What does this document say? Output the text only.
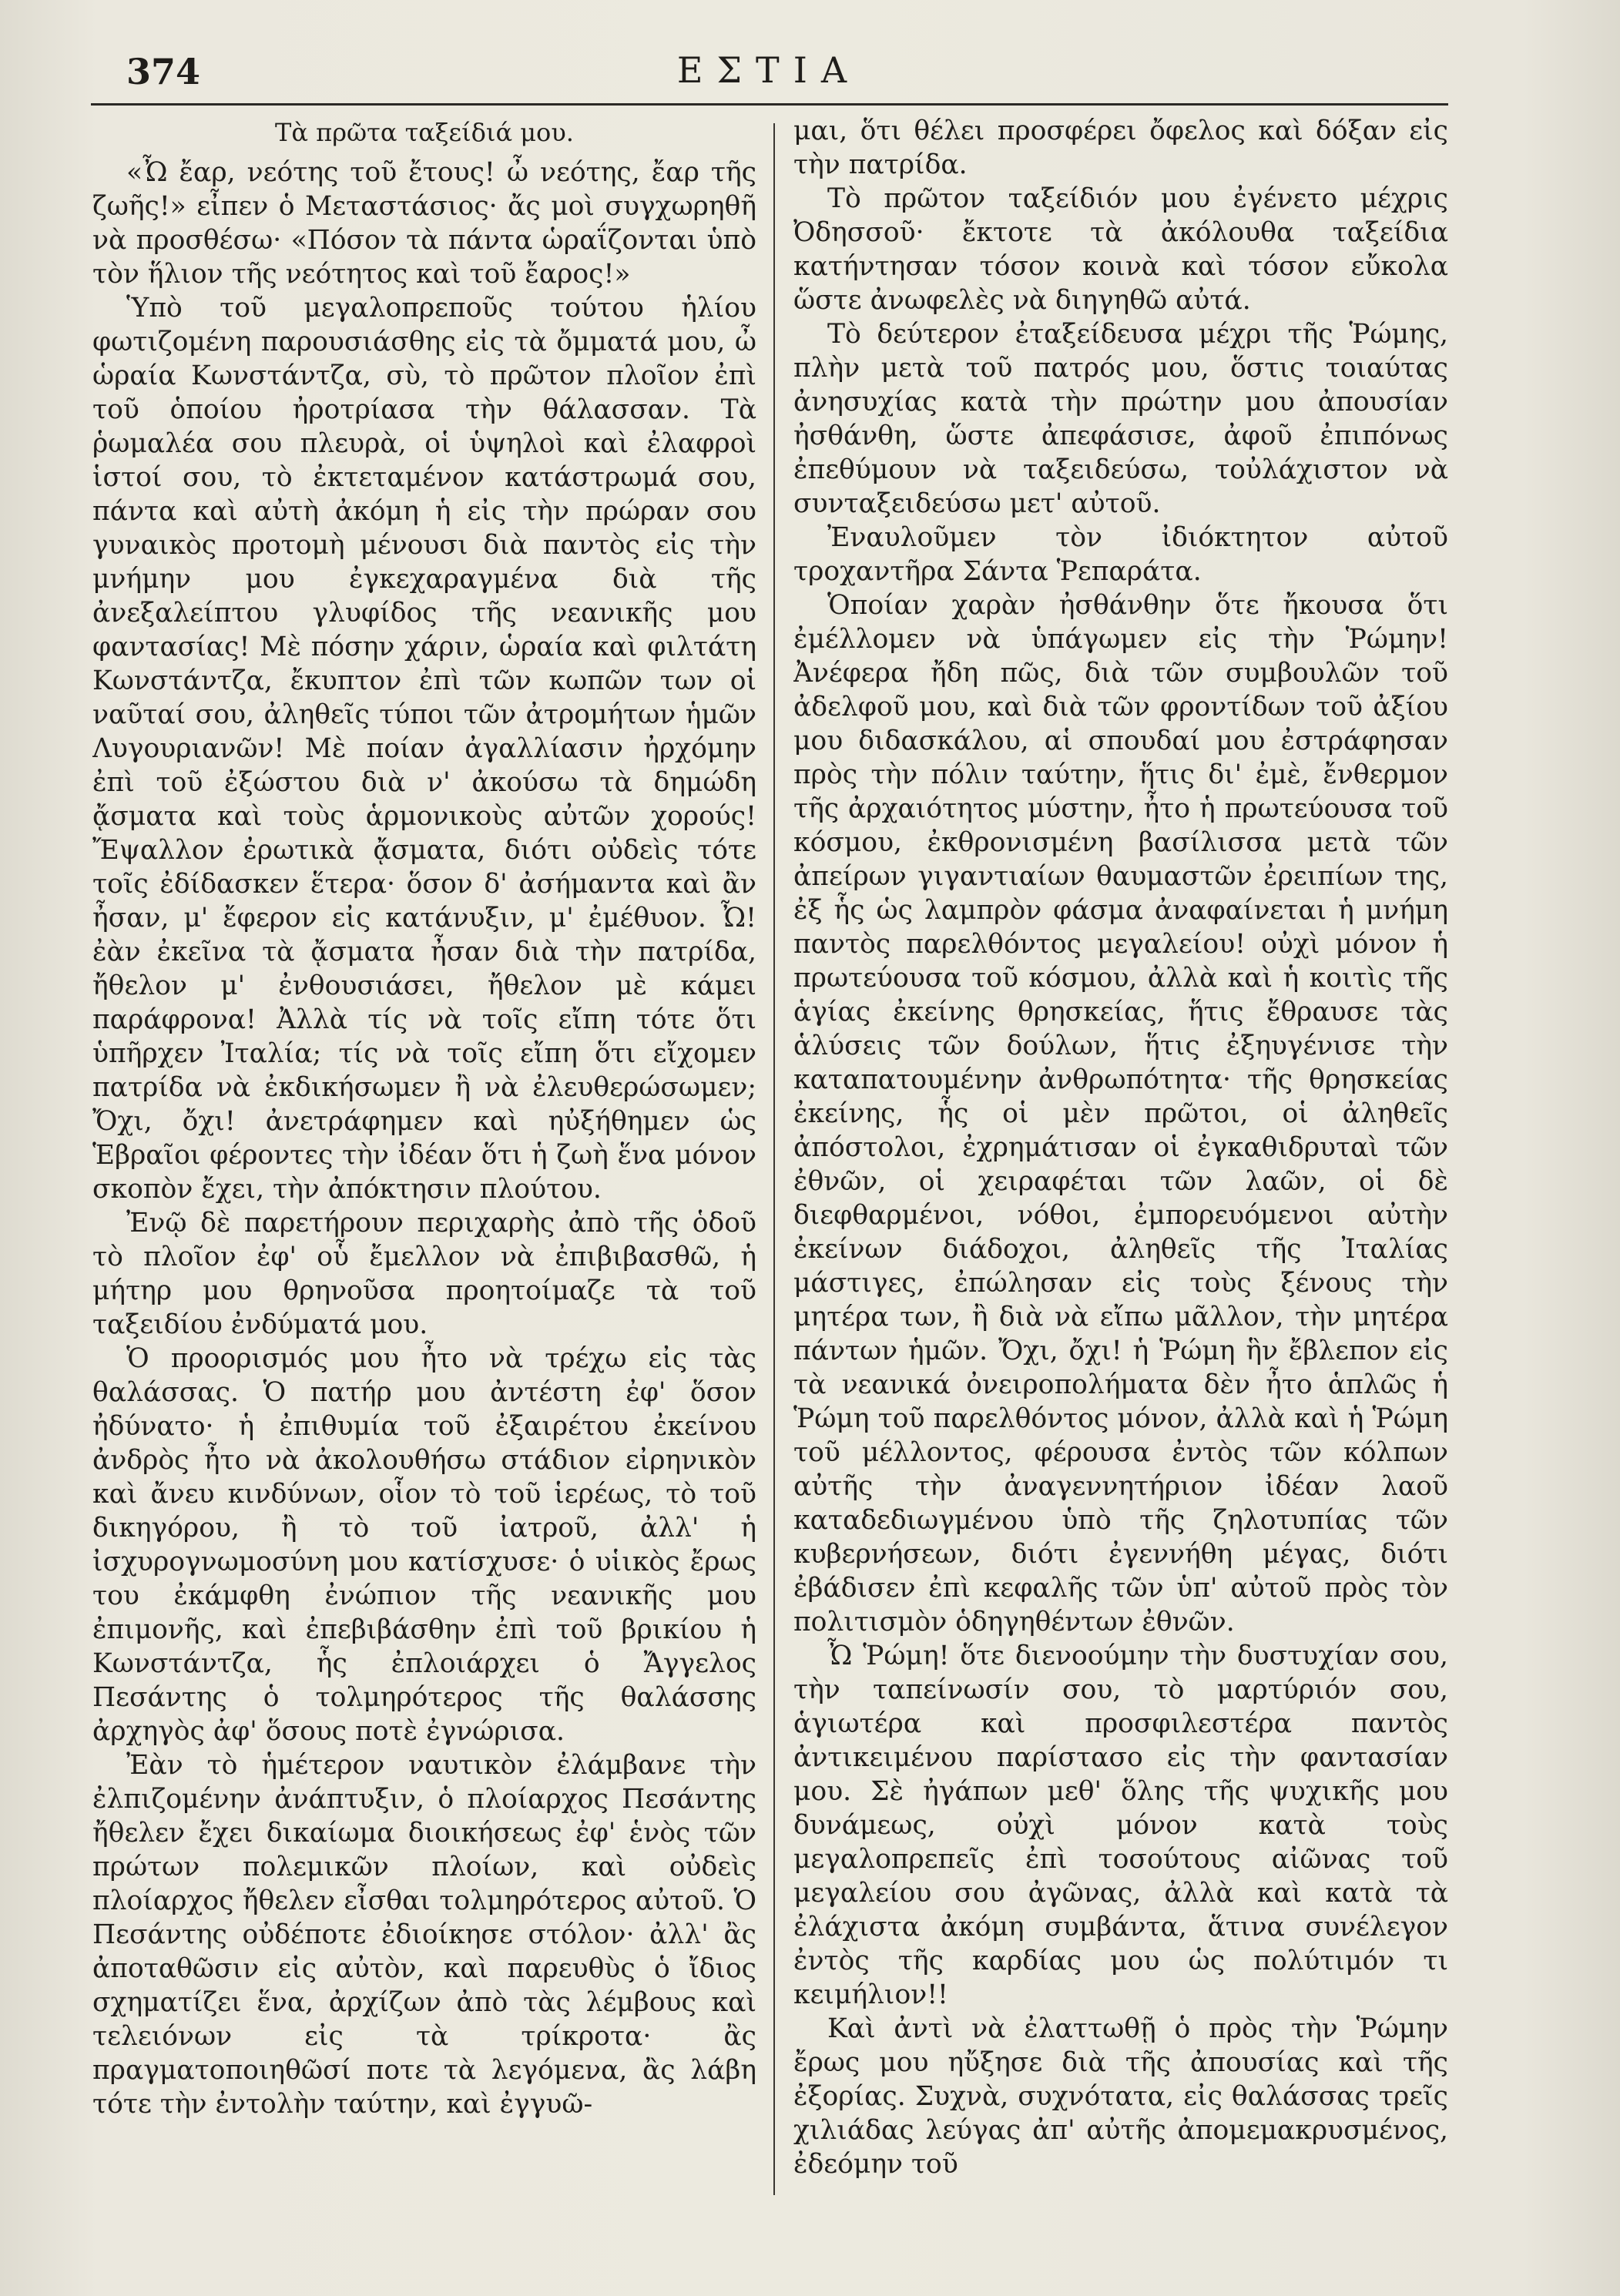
374	ΕΣΤΙΑ
Τὰ πρῶτα ταξείδιά μου.

«Ὦ ἔαρ, νεότης τοῦ ἔτους! ὦ νεότης, ἔαρ τῆς ζωῆς!» εἶπεν ὁ Μεταστάσιος· ἄς μοὶ συγχωρηθῆ νὰ προσθέσω· «Πόσον τὰ πάντα ὡραΐζονται ὑπὸ τὸν ἥλιον τῆς νεότητος καὶ τοῦ ἔαρος!»

Ὑπὸ τοῦ μεγαλοπρεποῦς τούτου ἡλίου φωτιζομένη παρουσιάσθης εἰς τὰ ὄμματά μου, ὦ ὡραία Κωνστάντζα, σὺ, τὸ πρῶτον πλοῖον ἐπὶ τοῦ ὁποίου ἠροτρίασα τὴν θάλασσαν. Τὰ ῥωμαλέα σου πλευρὰ, οἱ ὑψηλοὶ καὶ ἐλαφροὶ ἱστοί σου, τὸ ἐκτεταμένον κατάστρωμά σου, πάντα καὶ αὐτὴ ἀκόμη ἡ εἰς τὴν πρώραν σου γυναικὸς προτομὴ μένουσι διὰ παντὸς εἰς τὴν μνήμην μου ἐγκεχαραγμένα διὰ τῆς ἀνεξαλείπτου γλυφίδος τῆς νεανικῆς μου φαντασίας! Μὲ πόσην χάριν, ὡραία καὶ φιλτάτη Κωνστάντζα, ἔκυπτον ἐπὶ τῶν κωπῶν των οἱ ναῦταί σου, ἀληθεῖς τύποι τῶν ἀτρομήτων ἡμῶν Λυγουριανῶν! Μὲ ποίαν ἀγαλλίασιν ἠρχόμην ἐπὶ τοῦ ἐξώστου διὰ ν' ἀκούσω τὰ δημώδη ᾄσματα καὶ τοὺς ἁρμονικοὺς αὐτῶν χορούς! Ἔψαλλον ἐρωτικὰ ᾄσματα, διότι οὐδεὶς τότε τοῖς ἐδίδασκεν ἕτερα· ὅσον δ' ἀσήμαντα καὶ ἂν ἦσαν, μ' ἔφερον εἰς κατάνυξιν, μ' ἐμέθυον. Ὦ! ἐὰν ἐκεῖνα τὰ ᾄσματα ἦσαν διὰ τὴν πατρίδα, ἤθελον μ' ἐνθουσιάσει, ἤθελον μὲ κάμει παράφρονα! Ἀλλὰ τίς νὰ τοῖς εἴπη τότε ὅτι ὑπῆρχεν Ἰταλία; τίς νὰ τοῖς εἴπη ὅτι εἴχομεν πατρίδα νὰ ἐκδικήσωμεν ἢ νὰ ἐλευθερώσωμεν; Ὄχι, ὄχι! ἀνετράφημεν καὶ ηὐξήθημεν ὡς Ἑβραῖοι φέροντες τὴν ἰδέαν ὅτι ἡ ζωὴ ἕνα μόνον σκοπὸν ἔχει, τὴν ἀπόκτησιν πλούτου.

Ἐνῷ δὲ παρετήρουν περιχαρὴς ἀπὸ τῆς ὁδοῦ τὸ πλοῖον ἐφ' οὗ ἔμελλον νὰ ἐπιβιβασθῶ, ἡ μήτηρ μου θρηνοῦσα προητοίμαζε τὰ τοῦ ταξειδίου ἐνδύματά μου.

Ὁ προορισμός μου ἦτο νὰ τρέχω εἰς τὰς θαλάσσας. Ὁ πατήρ μου ἀντέστη ἐφ' ὅσον ἠδύνατο· ἡ ἐπιθυμία τοῦ ἐξαιρέτου ἐκείνου ἀνδρὸς ἦτο νὰ ἀκολουθήσω στάδιον εἰρηνικὸν καὶ ἄνευ κινδύνων, οἷον τὸ τοῦ ἱερέως, τὸ τοῦ δικηγόρου, ἢ τὸ τοῦ ἰατροῦ, ἀλλ' ἡ ἰσχυρογνωμοσύνη μου κατίσχυσε· ὁ υἱικὸς ἔρως του ἐκάμφθη ἐνώπιον τῆς νεανικῆς μου ἐπιμονῆς, καὶ ἐπεβιβάσθην ἐπὶ τοῦ βρικίου ἡ Κωνστάντζα, ἧς ἐπλοιάρχει ὁ Ἄγγελος Πεσάντης ὁ τολμηρότερος τῆς θαλάσσης ἀρχηγὸς ἀφ' ὅσους ποτὲ ἐγνώρισα.

Ἐὰν τὸ ἡμέτερον ναυτικὸν ἐλάμβανε τὴν ἐλπιζομένην ἀνάπτυξιν, ὁ πλοίαρχος Πεσάντης ἤθελεν ἔχει δικαίωμα διοικήσεως ἐφ' ἑνὸς τῶν πρώτων πολεμικῶν πλοίων, καὶ οὐδεὶς πλοίαρχος ἤθελεν εἶσθαι τολμηρότερος αὐτοῦ. Ὁ Πεσάντης οὐδέποτε ἐδιοίκησε στόλον· ἀλλ' ἂς ἀποταθῶσιν εἰς αὐτὸν, καὶ παρευθὺς ὁ ἴδιος σχηματίζει ἕνα, ἀρχίζων ἀπὸ τὰς λέμβους καὶ τελειόνων εἰς τὰ τρίκροτα· ἂς πραγματοποιηθῶσί ποτε τὰ λεγόμενα, ἂς λάβη τότε τὴν ἐντολὴν ταύτην, καὶ ἐγγυῶ-

μαι, ὅτι θέλει προσφέρει ὄφελος καὶ δόξαν εἰς τὴν πατρίδα.

Τὸ πρῶτον ταξείδιόν μου ἐγένετο μέχρις Ὀδησσοῦ· ἔκτοτε τὰ ἀκόλουθα ταξείδια κατήντησαν τόσον κοινὰ καὶ τόσον εὔκολα ὥστε ἀνωφελὲς νὰ διηγηθῶ αὐτά.

Τὸ δεύτερον ἐταξείδευσα μέχρι τῆς Ῥώμης, πλὴν μετὰ τοῦ πατρός μου, ὅστις τοιαύτας ἀνησυχίας κατὰ τὴν πρώτην μου ἀπουσίαν ἠσθάνθη, ὥστε ἀπεφάσισε, ἀφοῦ ἐπιπόνως ἐπεθύμουν νὰ ταξειδεύσω, τοὐλάχιστον νὰ συνταξειδεύσω μετ' αὐτοῦ.

Ἐναυλοῦμεν τὸν ἰδιόκτητον αὐτοῦ τροχαντῆρα Σάντα Ῥεπαράτα.

Ὁποίαν χαρὰν ἠσθάνθην ὅτε ἤκουσα ὅτι ἐμέλλομεν νὰ ὑπάγωμεν εἰς τὴν Ῥώμην! Ἀνέφερα ἤδη πῶς, διὰ τῶν συμβουλῶν τοῦ ἀδελφοῦ μου, καὶ διὰ τῶν φροντίδων τοῦ ἀξίου μου διδασκάλου, αἱ σπουδαί μου ἐστράφησαν πρὸς τὴν πόλιν ταύτην, ἥτις δι' ἐμὲ, ἔνθερμον τῆς ἀρχαιότητος μύστην, ἦτο ἡ πρωτεύουσα τοῦ κόσμου, ἐκθρονισμένη βασίλισσα μετὰ τῶν ἀπείρων γιγαντιαίων θαυμαστῶν ἐρειπίων της, ἐξ ἧς ὡς λαμπρὸν φάσμα ἀναφαίνεται ἡ μνήμη παντὸς παρελθόντος μεγαλείου! οὐχὶ μόνον ἡ πρωτεύουσα τοῦ κόσμου, ἀλλὰ καὶ ἡ κοιτὶς τῆς ἁγίας ἐκείνης θρησκείας, ἥτις ἔθραυσε τὰς ἁλύσεις τῶν δούλων, ἥτις ἐξηυγένισε τὴν καταπατουμένην ἀνθρωπότητα· τῆς θρησκείας ἐκείνης, ἧς οἱ μὲν πρῶτοι, οἱ ἀληθεῖς ἀπόστολοι, ἐχρημάτισαν οἱ ἐγκαθιδρυταὶ τῶν ἐθνῶν, οἱ χειραφέται τῶν λαῶν, οἱ δὲ διεφθαρμένοι, νόθοι, ἐμπορευόμενοι αὐτὴν ἐκείνων διάδοχοι, ἀληθεῖς τῆς Ἰταλίας μάστιγες, ἐπώλησαν εἰς τοὺς ξένους τὴν μητέρα των, ἢ διὰ νὰ εἴπω μᾶλλον, τὴν μητέρα πάντων ἡμῶν. Ὄχι, ὄχι! ἡ Ῥώμη ἣν ἔβλεπον εἰς τὰ νεανικά ὀνειροπολήματα δὲν ἦτο ἁπλῶς ἡ Ῥώμη τοῦ παρελθόντος μόνον, ἀλλὰ καὶ ἡ Ῥώμη τοῦ μέλλοντος, φέρουσα ἐντὸς τῶν κόλπων αὐτῆς τὴν ἀναγεννητήριον ἰδέαν λαοῦ καταδεδιωγμένου ὑπὸ τῆς ζηλοτυπίας τῶν κυβερνήσεων, διότι ἐγεννήθη μέγας, διότι ἐβάδισεν ἐπὶ κεφαλῆς τῶν ὑπ' αὐτοῦ πρὸς τὸν πολιτισμὸν ὁδηγηθέντων ἐθνῶν.

Ὦ Ῥώμη! ὅτε διενοούμην τὴν δυστυχίαν σου, τὴν ταπείνωσίν σου, τὸ μαρτύριόν σου, ἁγιωτέρα καὶ προσφιλεστέρα παντὸς ἀντικειμένου παρίστασο εἰς τὴν φαντασίαν μου. Σὲ ἠγάπων μεθ' ὅλης τῆς ψυχικῆς μου δυνάμεως, οὐχὶ μόνον κατὰ τοὺς μεγαλοπρεπεῖς ἐπὶ τοσούτους αἰῶνας τοῦ μεγαλείου σου ἀγῶνας, ἀλλὰ καὶ κατὰ τὰ ἐλάχιστα ἀκόμη συμβάντα, ἅτινα συνέλεγον ἐντὸς τῆς καρδίας μου ὡς πολύτιμόν τι κειμήλιον!!

Καὶ ἀντὶ νὰ ἐλαττωθῇ ὁ πρὸς τὴν Ῥώμην ἔρως μου ηὔξησε διὰ τῆς ἀπουσίας καὶ τῆς ἐξορίας. Συχνὰ, συχνότατα, εἰς θαλάσσας τρεῖς χιλιάδας λεύγας ἀπ' αὐτῆς ἀπομεμακρυσμένος, ἐδεόμην τοῦ
